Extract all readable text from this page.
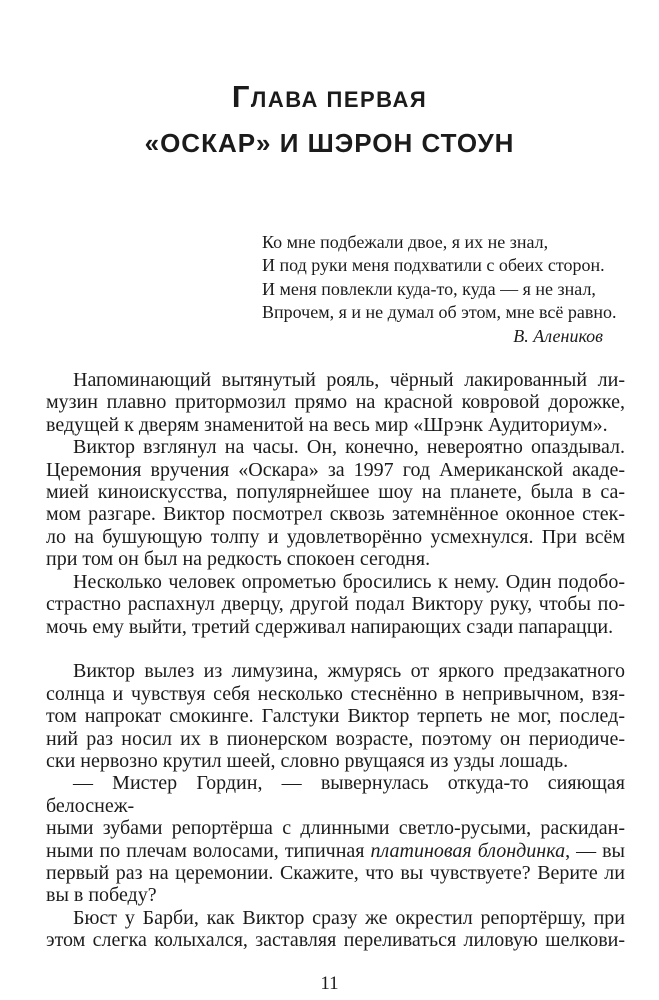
ГЛАВА ПЕРВАЯ
«ОСКАР» И ШЭРОН СТОУН
Ко мне подбежали двое, я их не знал,
И под руки меня подхватили с обеих сторон.
И меня повлекли куда-то, куда — я не знал,
Впрочем, я и не думал об этом, мне всё равно.
В. Алеников
Напоминающий вытянутый рояль, чёрный лакированный ли-
музин плавно притормозил прямо на красной ковровой дорожке,
ведущей к дверям знаменитой на весь мир «Шрэнк Аудиториум».
Виктор взглянул на часы. Он, конечно, невероятно опаздывал.
Церемония вручения «Оскара» за 1997 год Американской акаде-
мией киноискусства, популярнейшее шоу на планете, была в са-
мом разгаре. Виктор посмотрел сквозь затемнённое оконное стек-
ло на бушующую толпу и удовлетворённо усмехнулся. При всём
при том он был на редкость спокоен сегодня.
Несколько человек опрометью бросились к нему. Один подобо-
страстно распахнул дверцу, другой подал Виктору руку, чтобы по-
мочь ему выйти, третий сдерживал напирающих сзади папарацци.
Виктор вылез из лимузина, жмурясь от яркого предзакатного
солнца и чувствуя себя несколько стеснённо в непривычном, взя-
том напрокат смокинге. Галстуки Виктор терпеть не мог, послед-
ний раз носил их в пионерском возрасте, поэтому он периодиче-
ски нервозно крутил шеей, словно рвущаяся из узды лошадь.
— Мистер Гордин, — вывернулась откуда-то сияющая белоснеж-
ными зубами репортёрша с длинными светло-русыми, раскидан-
ными по плечам волосами, типичная платиновая блондинка, — вы
первый раз на церемонии. Скажите, что вы чувствуете? Верите ли
вы в победу?
Бюст у Барби, как Виктор сразу же окрестил репортёршу, при
этом слегка колыхался, заставляя переливаться лиловую шелкови-
11
